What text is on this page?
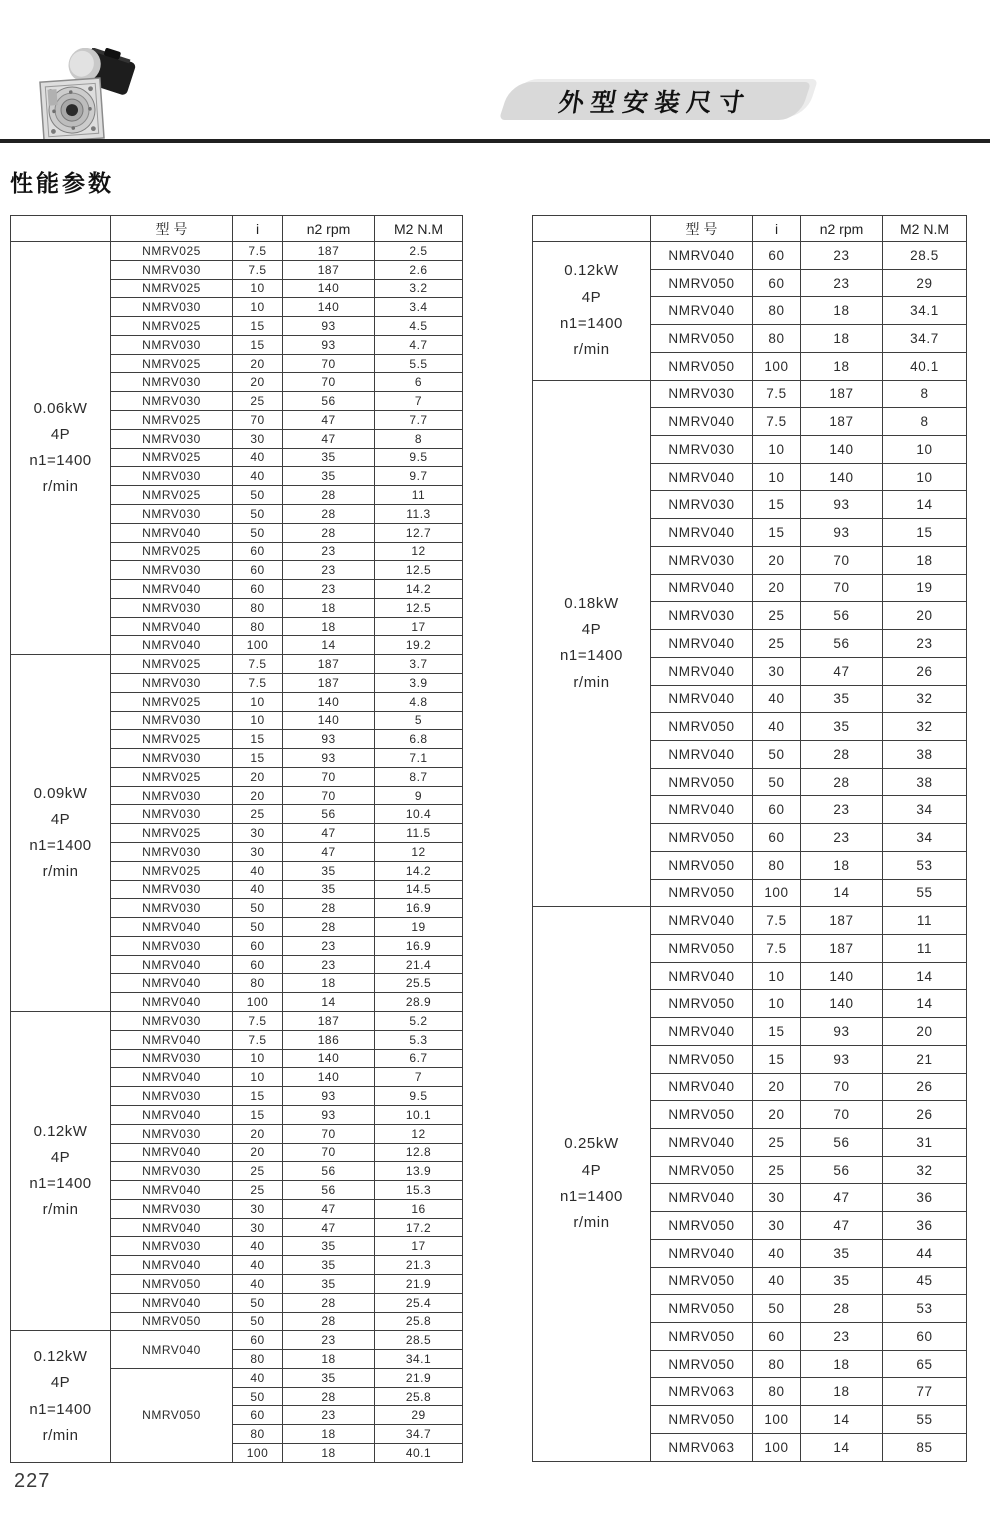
外型安装尺寸
性能参数
	型 号	i	n2 rpm	M2 N.M

0.06kW
4P
n1=1400
r/min	NMRV025	7.5	187	2.5
	NMRV030	7.5	187	2.6
	NMRV025	10	140	3.2
	NMRV030	10	140	3.4
	NMRV025	15	93	4.5
	NMRV030	15	93	4.7
	NMRV025	20	70	5.5
	NMRV030	20	70	6
	NMRV030	25	56	7
	NMRV025	70	47	7.7
	NMRV030	30	47	8
	NMRV025	40	35	9.5
	NMRV030	40	35	9.7
	NMRV025	50	28	11
	NMRV030	50	28	11.3
	NMRV040	50	28	12.7
	NMRV025	60	23	12
	NMRV030	60	23	12.5
	NMRV040	60	23	14.2
	NMRV030	80	18	12.5
	NMRV040	80	18	17
	NMRV040	100	14	19.2

0.09kW
4P
n1=1400
r/min	NMRV025	7.5	187	3.7
	NMRV030	7.5	187	3.9
	NMRV025	10	140	4.8
	NMRV030	10	140	5
	NMRV025	15	93	6.8
	NMRV030	15	93	7.1
	NMRV025	20	70	8.7
	NMRV030	20	70	9
	NMRV030	25	56	10.4
	NMRV025	30	47	11.5
	NMRV030	30	47	12
	NMRV025	40	35	14.2
	NMRV030	40	35	14.5
	NMRV030	50	28	16.9
	NMRV040	50	28	19
	NMRV030	60	23	16.9
	NMRV040	60	23	21.4
	NMRV040	80	18	25.5
	NMRV040	100	14	28.9

0.12kW
4P
n1=1400
r/min	NMRV030	7.5	187	5.2
	NMRV040	7.5	186	5.3
	NMRV030	10	140	6.7
	NMRV040	10	140	7
	NMRV030	15	93	9.5
	NMRV040	15	93	10.1
	NMRV030	20	70	12
	NMRV040	20	70	12.8
	NMRV030	25	56	13.9
	NMRV040	25	56	15.3
	NMRV030	30	47	16
	NMRV040	30	47	17.2
	NMRV030	40	35	17
	NMRV040	40	35	21.3
	NMRV050	40	35	21.9
	NMRV040	50	28	25.4
	NMRV050	50	28	25.8

0.12kW
4P
n1=1400
r/min	NMRV040	60	23	28.5
		80	18	34.1
	NMRV050	40	35	21.9
		50	28	25.8
		60	23	29
		80	18	34.7
		100	18	40.1
	型 号	i	n2 rpm	M2 N.M

0.12kW
4P
n1=1400
r/min	NMRV040	60	23	28.5
	NMRV050	60	23	29
	NMRV040	80	18	34.1
	NMRV050	80	18	34.7
	NMRV050	100	18	40.1

0.18kW
4P
n1=1400
r/min	NMRV030	7.5	187	8
	NMRV040	7.5	187	8
	NMRV030	10	140	10
	NMRV040	10	140	10
	NMRV030	15	93	14
	NMRV040	15	93	15
	NMRV030	20	70	18
	NMRV040	20	70	19
	NMRV030	25	56	20
	NMRV040	25	56	23
	NMRV040	30	47	26
	NMRV040	40	35	32
	NMRV050	40	35	32
	NMRV040	50	28	38
	NMRV050	50	28	38
	NMRV040	60	23	34
	NMRV050	60	23	34
	NMRV050	80	18	53
	NMRV050	100	14	55

0.25kW
4P
n1=1400
r/min	NMRV040	7.5	187	11
	NMRV050	7.5	187	11
	NMRV040	10	140	14
	NMRV050	10	140	14
	NMRV040	15	93	20
	NMRV050	15	93	21
	NMRV040	20	70	26
	NMRV050	20	70	26
	NMRV040	25	56	31
	NMRV050	25	56	32
	NMRV040	30	47	36
	NMRV050	30	47	36
	NMRV040	40	35	44
	NMRV050	40	35	45
	NMRV050	50	28	53
	NMRV050	60	23	60
	NMRV050	80	18	65
	NMRV063	80	18	77
	NMRV050	100	14	55
	NMRV063	100	14	85
227
